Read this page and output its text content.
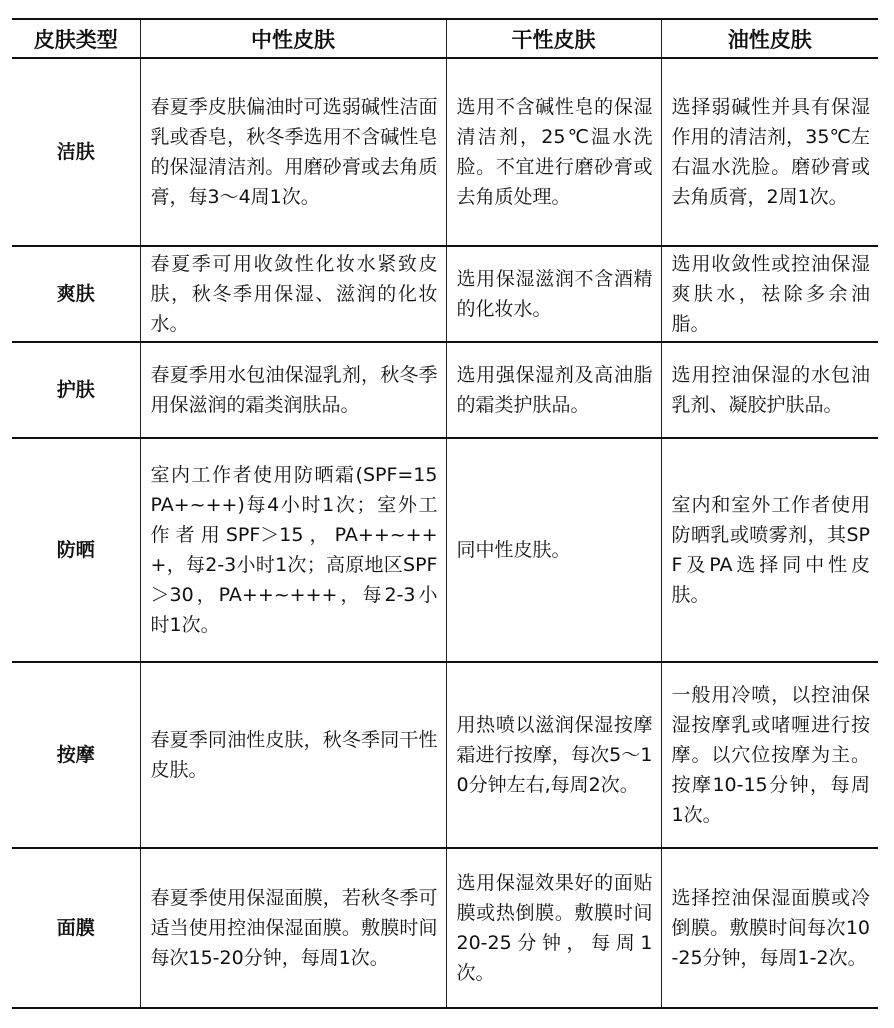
皮肤类型	中性皮肤	干性皮肤	油性皮肤
洁肤	春夏季皮肤偏油时可选弱碱性洁面乳或香皂，秋冬季选用不含碱性皂的保湿清洁剂。用磨砂膏或去角质膏，每3～4周1次。	选用不含碱性皂的保湿清洁剂，25℃温水洗脸。不宜进行磨砂膏或去角质处理。	选择弱碱性并具有保湿作用的清洁剂，35℃左右温水洗脸。磨砂膏或去角质膏，2周1次。
爽肤	春夏季可用收敛性化妆水紧致皮肤，秋冬季用保湿、滋润的化妆水。	选用保湿滋润不含酒精的化妆水。	选用收敛性或控油保湿爽肤水，祛除多余油脂。
护肤	春夏季用水包油保湿乳剂，秋冬季用保滋润的霜类润肤品。	选用强保湿剂及高油脂的霜类护肤品。	选用控油保湿的水包油乳剂、凝胶护肤品。
防晒	室内工作者使用防晒霜(SPF=15 PA+~++)每4小时1次；室外工作者用SPF＞15，PA++~+++，每2-3小时1次；高原地区SPF＞30，PA++~+++，每2-3小时1次。	同中性皮肤。	室内和室外工作者使用防晒乳或喷雾剂，其SPF及PA选择同中性皮肤。
按摩	春夏季同油性皮肤，秋冬季同干性皮肤。	用热喷以滋润保湿按摩霜进行按摩，每次5～10分钟左右,每周2次。	一般用冷喷，以控油保湿按摩乳或啫喱进行按摩。以穴位按摩为主。按摩10-15分钟，每周1次。
面膜	春夏季使用保湿面膜，若秋冬季可适当使用控油保湿面膜。敷膜时间每次15-20分钟，每周1次。	选用保湿效果好的面贴膜或热倒膜。敷膜时间20-25分钟，每周1次。	选择控油保湿面膜或冷倒膜。敷膜时间每次10-25分钟，每周1-2次。
